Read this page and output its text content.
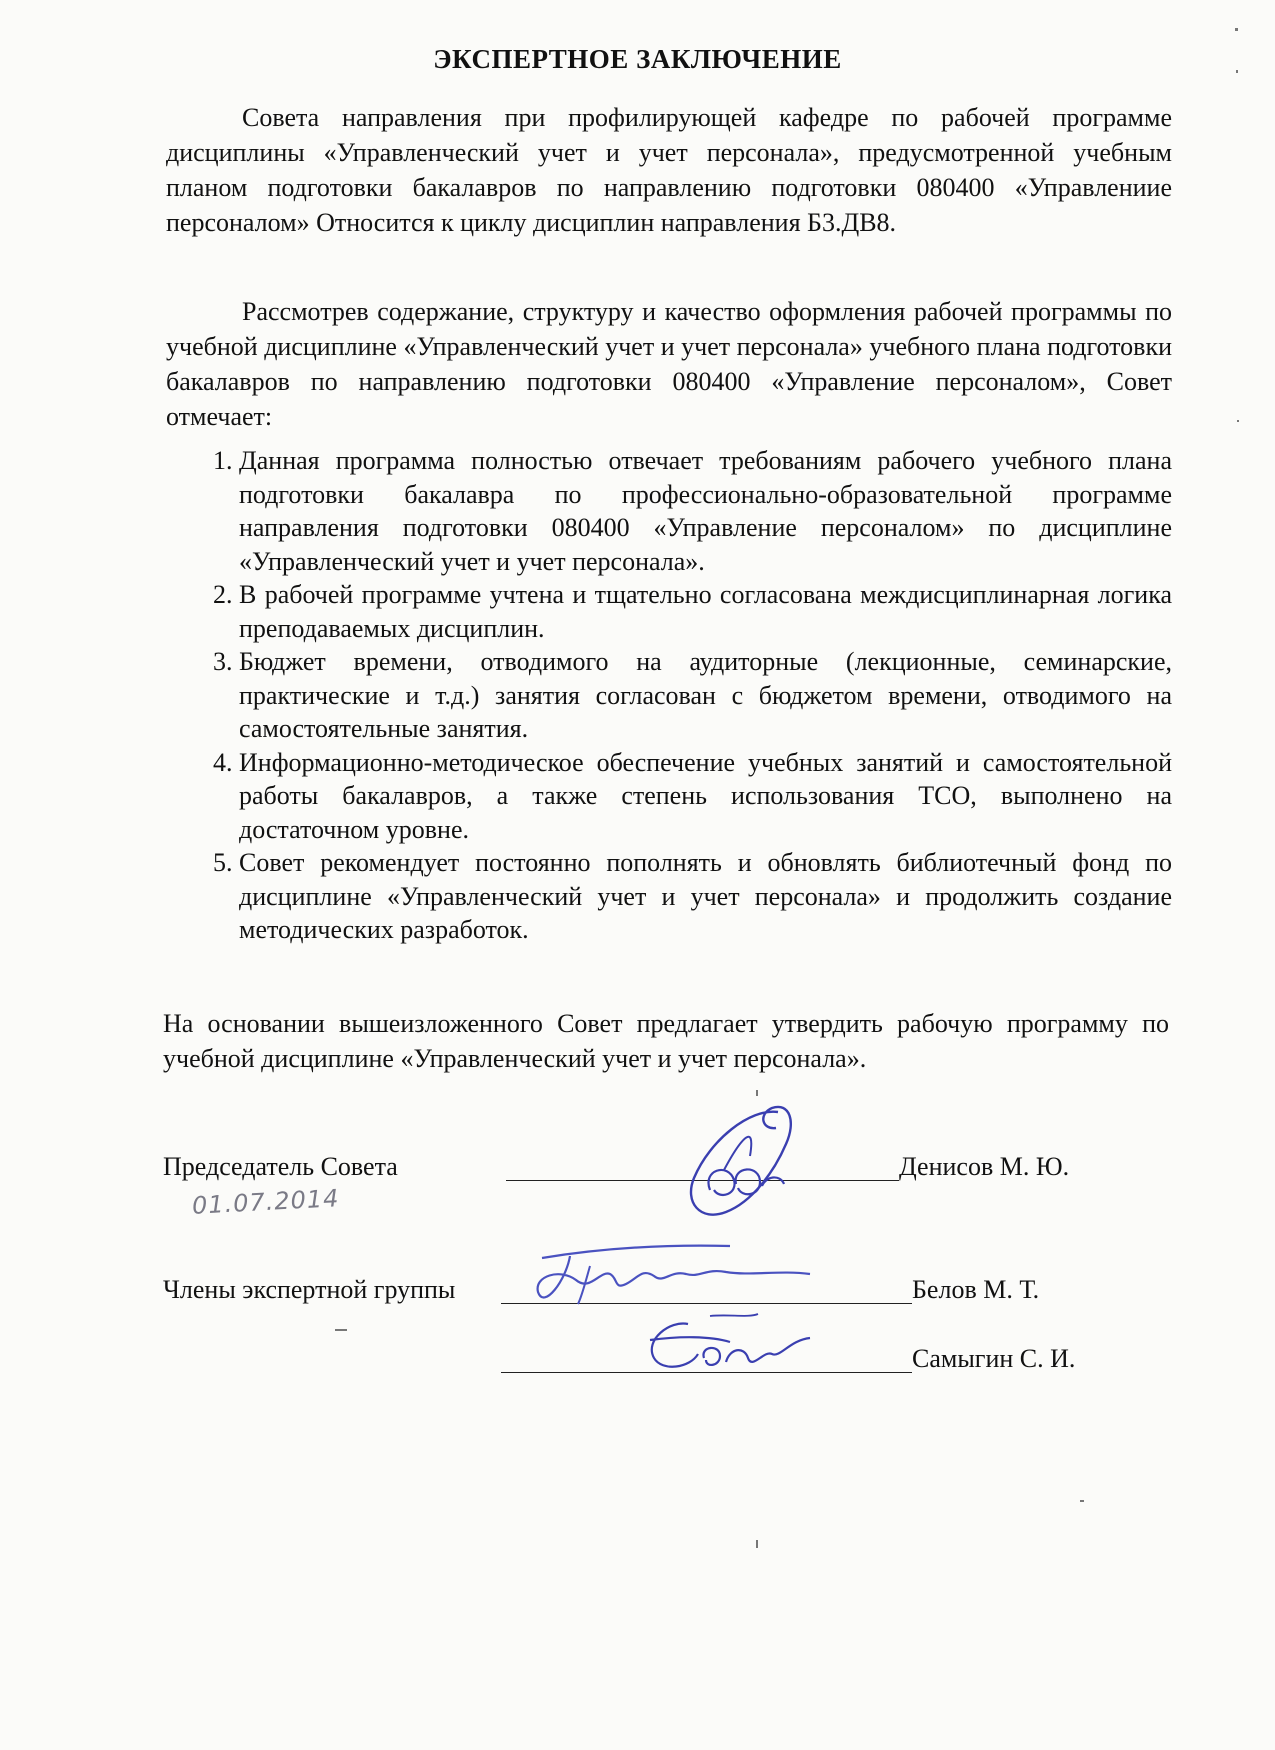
ЭКСПЕРТНОЕ ЗАКЛЮЧЕНИЕ
Совета направления при профилирующей кафедре по рабочей программе дисциплины «Управленческий учет и учет персонала», предусмотренной учебным планом подготовки бакалавров по направлению подготовки 080400 «Управлениие персоналом» Относится к циклу дисциплин направления Б3.ДВ8.
Рассмотрев содержание, структуру и качество оформления рабочей программы по учебной дисциплине «Управленческий учет и учет персонала» учебного плана подготовки бакалавров по направлению подготовки 080400 «Управление персоналом», Совет отмечает:
1. Данная программа полностью отвечает требованиям рабочего учебного плана подготовки бакалавра по профессионально-образовательной программе направления подготовки 080400 «Управление персоналом» по дисциплине «Управленческий учет и учет персонала».
2. В рабочей программе учтена и тщательно согласована междисциплинарная логика преподаваемых дисциплин.
3. Бюджет времени, отводимого на аудиторные (лекционные, семинарские, практические и т.д.) занятия согласован с бюджетом времени, отводимого на самостоятельные занятия.
4. Информационно-методическое обеспечение учебных занятий и самостоятельной работы бакалавров, а также степень использования ТСО, выполнено на достаточном уровне.
5. Совет рекомендует постоянно пополнять и обновлять библиотечный фонд по дисциплине «Управленческий учет и учет персонала» и продолжить создание методических разработок.
На основании вышеизложенного Совет предлагает утвердить рабочую программу по учебной дисциплине «Управленческий учет и учет персонала».
Председатель Совета	Денисов М. Ю.
01.07.2014
Члены экспертной группы	Белов М. Т.
Самыгин С. И.
